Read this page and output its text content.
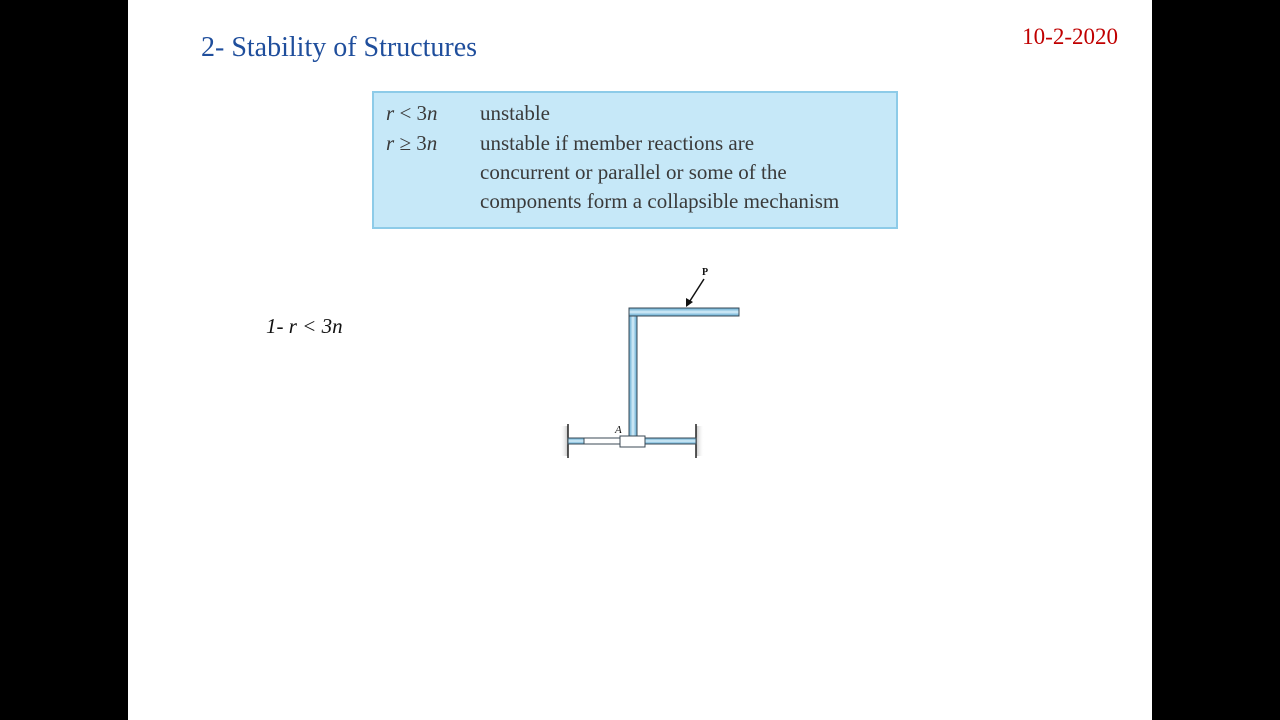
2- Stability of Structures	10-2-2020
r < 3n	unstable
r ≥ 3n	unstable if member reactions are
concurrent or parallel or some of the
components form a collapsible mechanism
1- r < 3n
P
A
